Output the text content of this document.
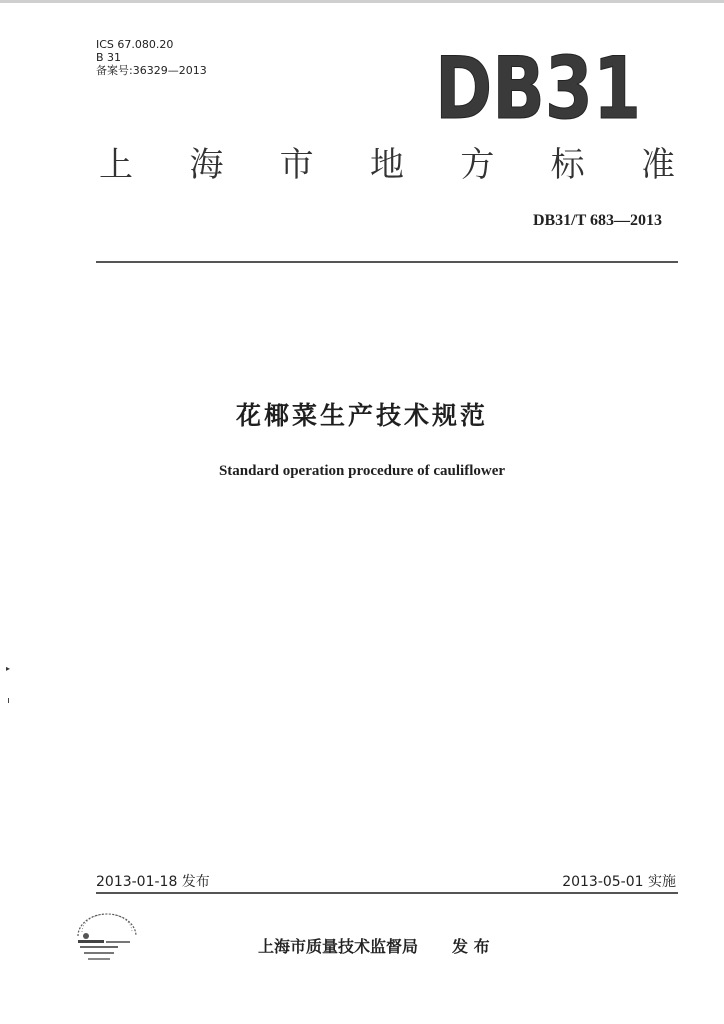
ICS 67.080.20
B 31
备案号:36329—2013	DB31
上 海 市 地 方 标 准
DB31/T 683—2013
花椰菜生产技术规范
Standard operation procedure of cauliflower
▸
2013-01-18 发布	2013-05-01 实施
上海市质量技术监督局 发 布
